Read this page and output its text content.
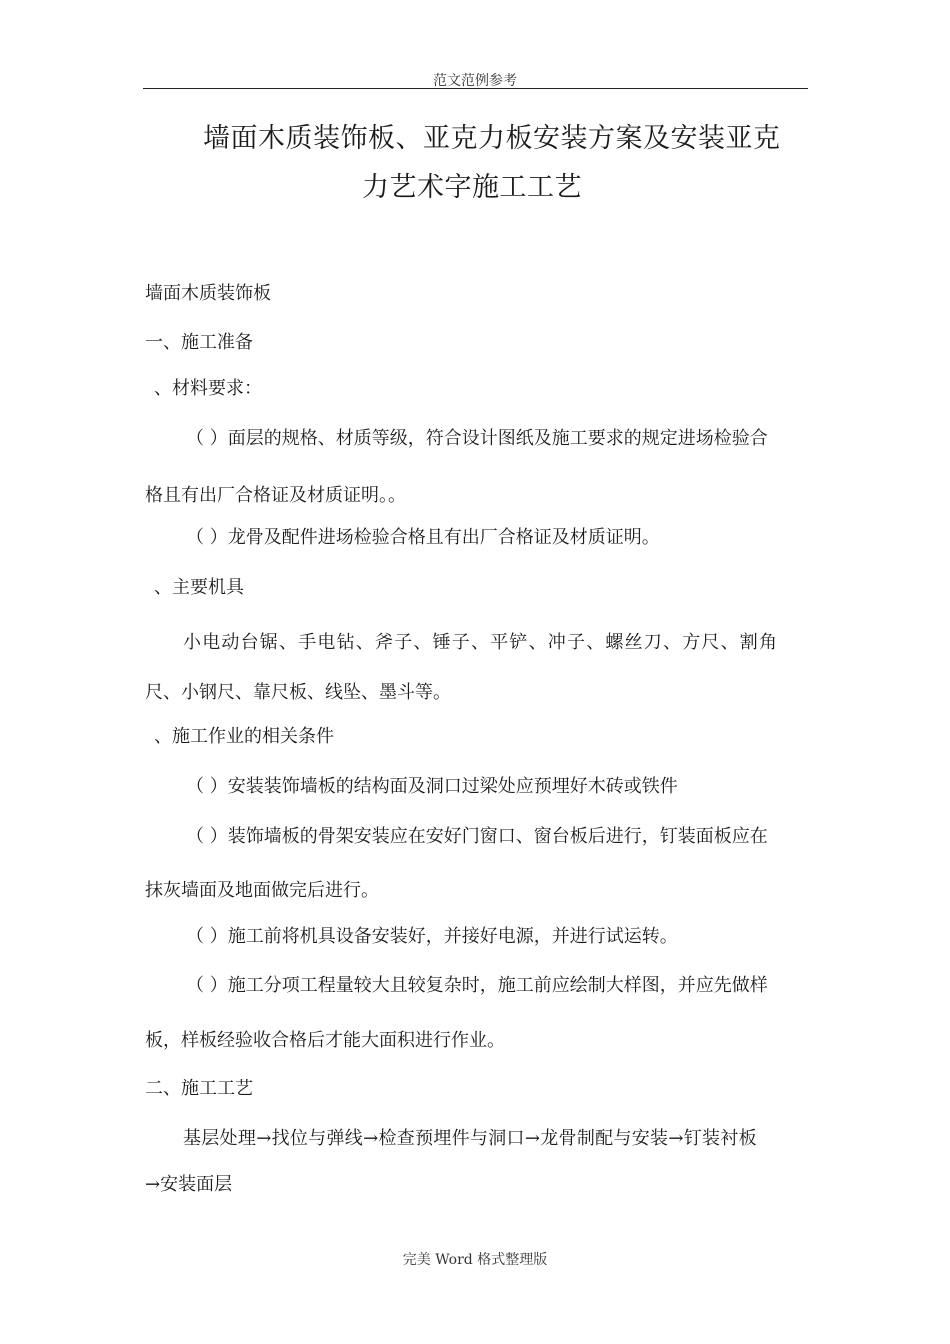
范文范例参考
墙面木质装饰板、亚克力板安装方案及安装亚克
力艺术字施工工艺
墙面木质装饰板
一、施工准备
、材料要求：
（ ）面层的规格、材质等级，符合设计图纸及施工要求的规定进场检验合
格且有出厂合格证及材质证明。。
（ ）龙骨及配件进场检验合格且有出厂合格证及材质证明。
、主要机具
小电动台锯、手电钻、斧子、锤子、平铲、冲子、螺丝刀、方尺、割角
尺、小钢尺、靠尺板、线坠、墨斗等。
、施工作业的相关条件
（ ）安装装饰墙板的结构面及洞口过梁处应预埋好木砖或铁件
（ ）装饰墙板的骨架安装应在安好门窗口、窗台板后进行，钉装面板应在
抹灰墙面及地面做完后进行。
（ ）施工前将机具设备安装好，并接好电源，并进行试运转。
（ ）施工分项工程量较大且较复杂时，施工前应绘制大样图，并应先做样
板，样板经验收合格后才能大面积进行作业。
二、施工工艺
基层处理→找位与弹线→检查预埋件与洞口→龙骨制配与安装→钉装衬板
→安装面层
完美 Word 格式整理版
